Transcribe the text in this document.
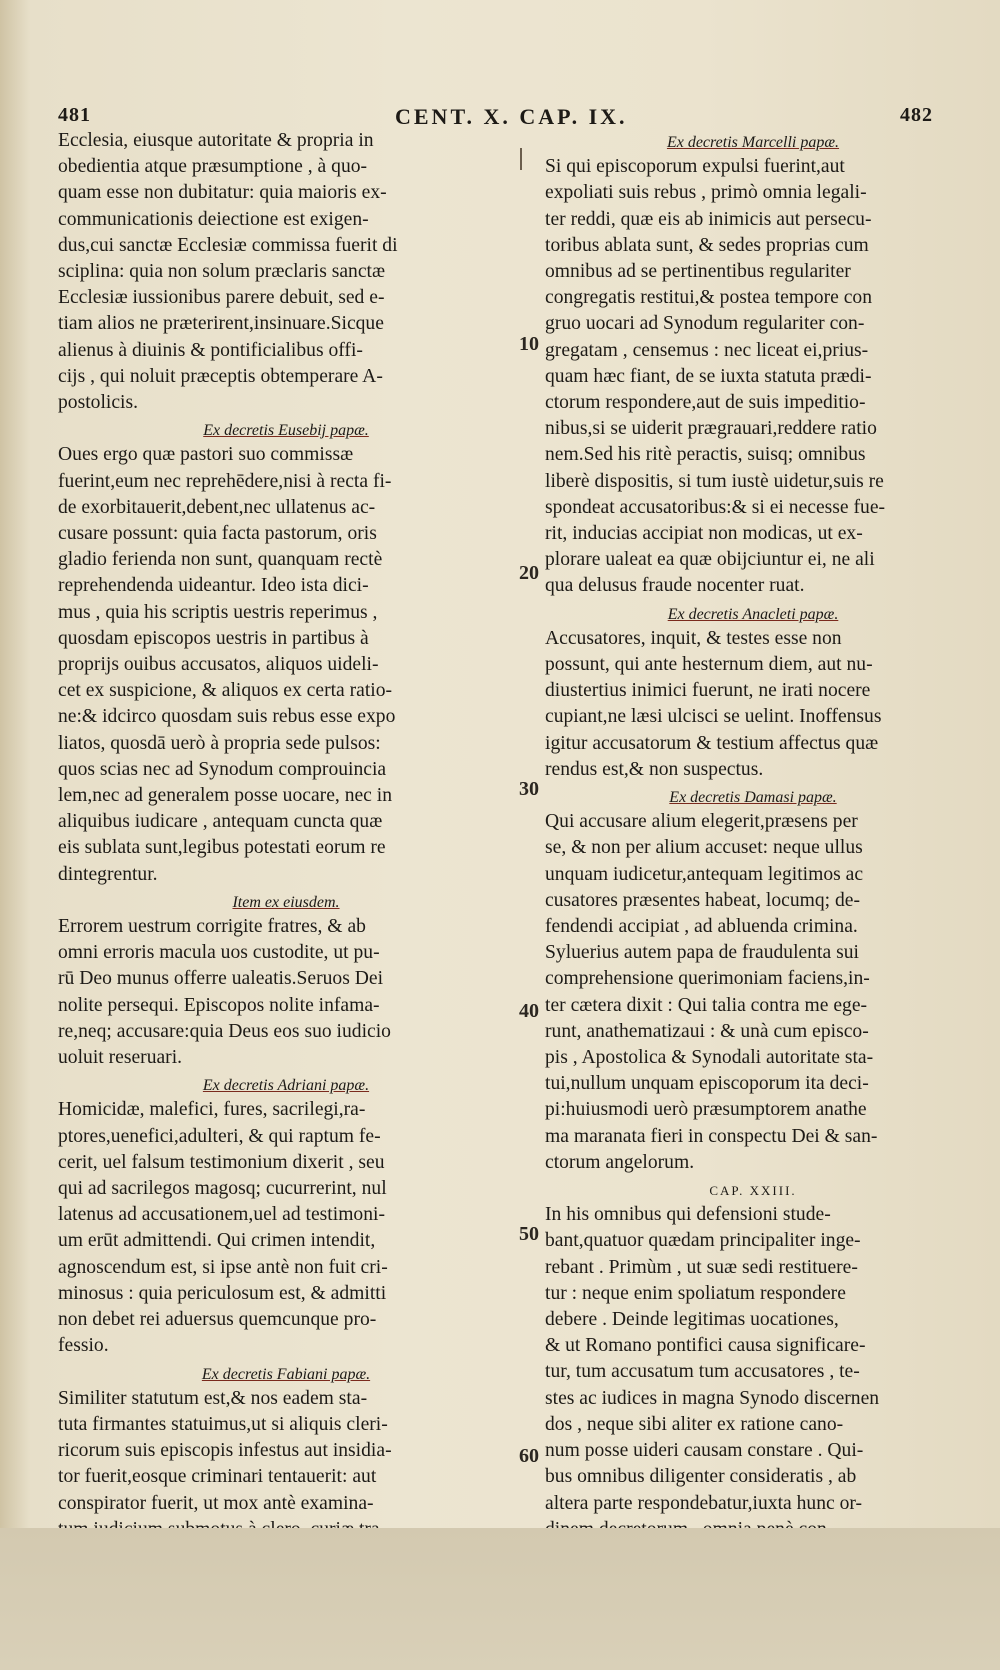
481	CENT. X. CAP. IX.	482
Ecclesia, eiusque autoritate & propria in
obedientia atque præsumptione , à quo-
quam esse non dubitatur: quia maioris ex-
communicationis deiectione est exigen-
dus,cui sanctæ Ecclesiæ commissa fuerit di
sciplina: quia non solum præclaris sanctæ
Ecclesiæ iussionibus parere debuit, sed e-
tiam alios ne præterirent,insinuare.Sicque
alienus à diuinis & pontificialibus offi-
cijs , qui noluit præceptis obtemperare A-
postolicis.
Ex decretis Eusebij papæ.
Oues ergo quæ pastori suo commissæ
fuerint,eum nec reprehēdere,nisi à recta fi-
de exorbitauerit,debent,nec ullatenus ac-
cusare possunt: quia facta pastorum, oris
gladio ferienda non sunt, quanquam rectè
reprehendenda uideantur. Ideo ista dici-
mus , quia his scriptis uestris reperimus ,
quosdam episcopos uestris in partibus à
proprijs ouibus accusatos, aliquos uideli-
cet ex suspicione, & aliquos ex certa ratio-
ne:& idcirco quosdam suis rebus esse expo
liatos, quosdā uerò à propria sede pulsos:
quos scias nec ad Synodum comprouincia
lem,nec ad generalem posse uocare, nec in
aliquibus iudicare , antequam cuncta quæ
eis sublata sunt,legibus potestati eorum re
dintegrentur.
Item ex eiusdem.
Errorem uestrum corrigite fratres, & ab
omni erroris macula uos custodite, ut pu-
rū Deo munus offerre ualeatis.Seruos Dei
nolite persequi. Episcopos nolite infama-
re,neq; accusare:quia Deus eos suo iudicio
uoluit reseruari.
Ex decretis Adriani papæ.
Homicidæ, malefici, fures, sacrilegi,ra-
ptores,uenefici,adulteri, & qui raptum fe-
cerit, uel falsum testimonium dixerit , seu
qui ad sacrilegos magosq; cucurrerint, nul
latenus ad accusationem,uel ad testimoni-
um erūt admittendi. Qui crimen intendit,
agnoscendum est, si ipse antè non fuit cri-
minosus : quia periculosum est, & admitti
non debet rei aduersus quemcunque pro-
fessio.
Ex decretis Fabiani papæ.
Similiter statutum est,& nos eadem sta-
tuta firmantes statuimus,ut si aliquis cleri-
ricorum suis episcopis infestus aut insidia-
tor fuerit,eosque criminari tentauerit: aut
conspirator fuerit, ut mox antè examina-
Ex decretis Marcelli papæ.
Si qui episcoporum expulsi fuerint,aut
expoliati suis rebus , primò omnia legali-
ter reddi, quæ eis ab inimicis aut persecu-
toribus ablata sunt, & sedes proprias cum
omnibus ad se pertinentibus regulariter
congregatis restitui,& postea tempore con
gruo uocari ad Synodum regulariter con-
gregatam , censemus : nec liceat ei,prius-
quam hæc fiant, de se iuxta statuta prædi-
ctorum respondere,aut de suis impeditio-
nibus,si se uiderit prægrauari,reddere ratio
nem.Sed his ritè peractis, suisq; omnibus
liberè dispositis, si tum iustè uidetur,suis re
spondeat accusatoribus:& si ei necesse fue-
rit, inducias accipiat non modicas, ut ex-
plorare ualeat ea quæ obijciuntur ei, ne ali
qua delusus fraude nocenter ruat.
Ex decretis Anacleti papæ.
Accusatores, inquit, & testes esse non
possunt, qui ante hesternum diem, aut nu-
diustertius inimici fuerunt, ne irati nocere
cupiant,ne læsi ulcisci se uelint. Inoffensus
igitur accusatorum & testium affectus quæ
rendus est,& non suspectus.
Ex decretis Damasi papæ.
Qui accusare alium elegerit,præsens per
se, & non per alium accuset: neque ullus
unquam iudicetur,antequam legitimos ac
cusatores præsentes habeat, locumq; de-
fendendi accipiat , ad abluenda crimina.
Syluerius autem papa de fraudulenta sui
comprehensione querimoniam faciens,in-
ter cætera dixit : Qui talia contra me ege-
runt, anathematizaui : & unà cum episco-
pis , Apostolica & Synodali autoritate sta-
tui,nullum unquam episcoporum ita deci-
pi:huiusmodi uerò præsumptorem anathe
ma maranata fieri in conspectu Dei & san-
ctorum angelorum.
CAP. XXIII.
In his omnibus qui defensioni stude-
bant,quatuor quædam principaliter inge-
rebant . Primùm , ut suæ sedi restituere-
tur : neque enim spoliatum respondere
debere . Deinde legitimas uocationes,
& ut Romano pontifici causa significare-
tur, tum accusatum tum accusatores , te-
stes ac iudices in magna Synodo discernen
dos , neque sibi aliter ex ratione cano-
num posse uideri causam constare . Qui-
bus omnibus diligenter consideratis , ab
altera parte respondebatur,iuxta hunc or-
10
20
30
40
50
60
